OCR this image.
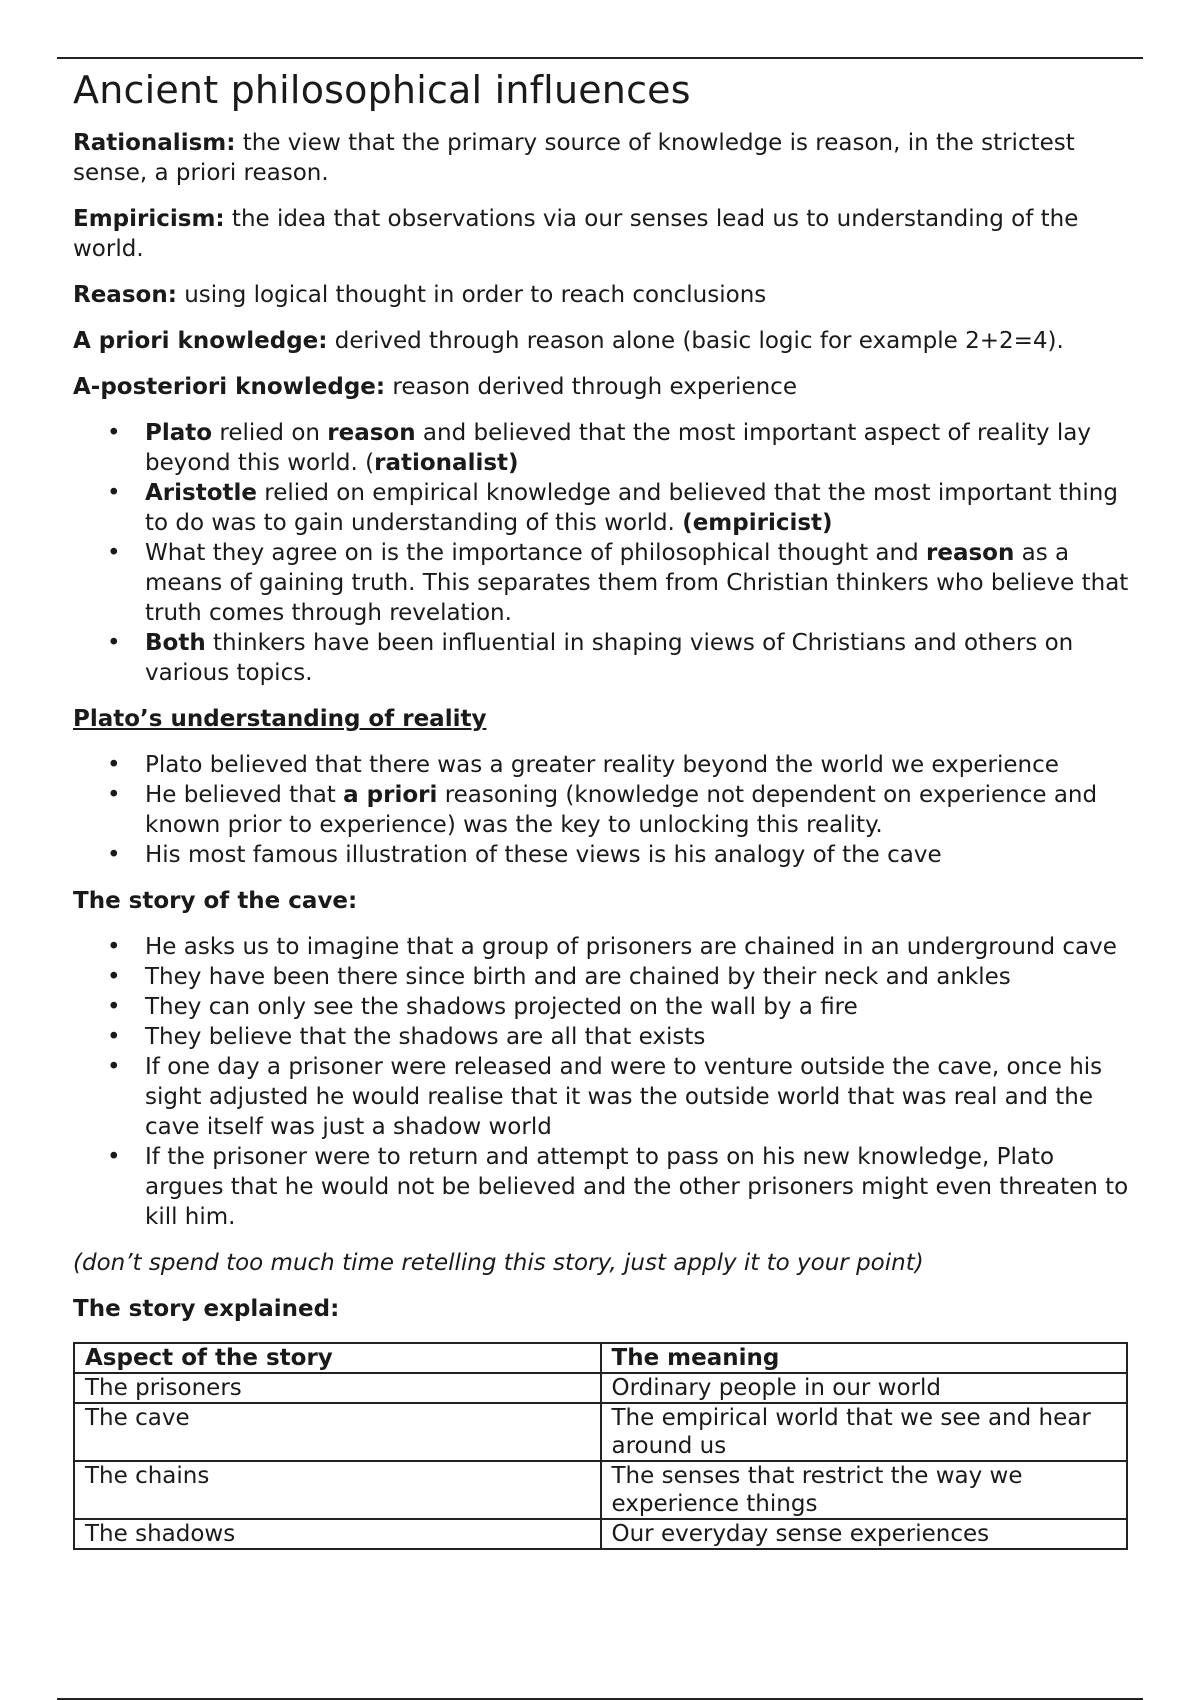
Ancient philosophical influences

Rationalism: the view that the primary source of knowledge is reason, in the strictest sense, a priori reason.

Empiricism: the idea that observations via our senses lead us to understanding of the world.

Reason: using logical thought in order to reach conclusions

A priori knowledge: derived through reason alone (basic logic for example 2+2=4).

A-posteriori knowledge: reason derived through experience

• Plato relied on reason and believed that the most important aspect of reality lay beyond this world. (rationalist)
• Aristotle relied on empirical knowledge and believed that the most important thing to do was to gain understanding of this world. (empiricist)
• What they agree on is the importance of philosophical thought and reason as a means of gaining truth. This separates them from Christian thinkers who believe that truth comes through revelation.
• Both thinkers have been influential in shaping views of Christians and others on various topics.

Plato’s understanding of reality

• Plato believed that there was a greater reality beyond the world we experience
• He believed that a priori reasoning (knowledge not dependent on experience and known prior to experience) was the key to unlocking this reality.
• His most famous illustration of these views is his analogy of the cave

The story of the cave:

• He asks us to imagine that a group of prisoners are chained in an underground cave
• They have been there since birth and are chained by their neck and ankles
• They can only see the shadows projected on the wall by a fire
• They believe that the shadows are all that exists
• If one day a prisoner were released and were to venture outside the cave, once his sight adjusted he would realise that it was the outside world that was real and the cave itself was just a shadow world
• If the prisoner were to return and attempt to pass on his new knowledge, Plato argues that he would not be believed and the other prisoners might even threaten to kill him.

(don’t spend too much time retelling this story, just apply it to your point)

The story explained:

Aspect of the story	The meaning
The prisoners	Ordinary people in our world
The cave	The empirical world that we see and hear around us
The chains	The senses that restrict the way we experience things
The shadows	Our everyday sense experiences
